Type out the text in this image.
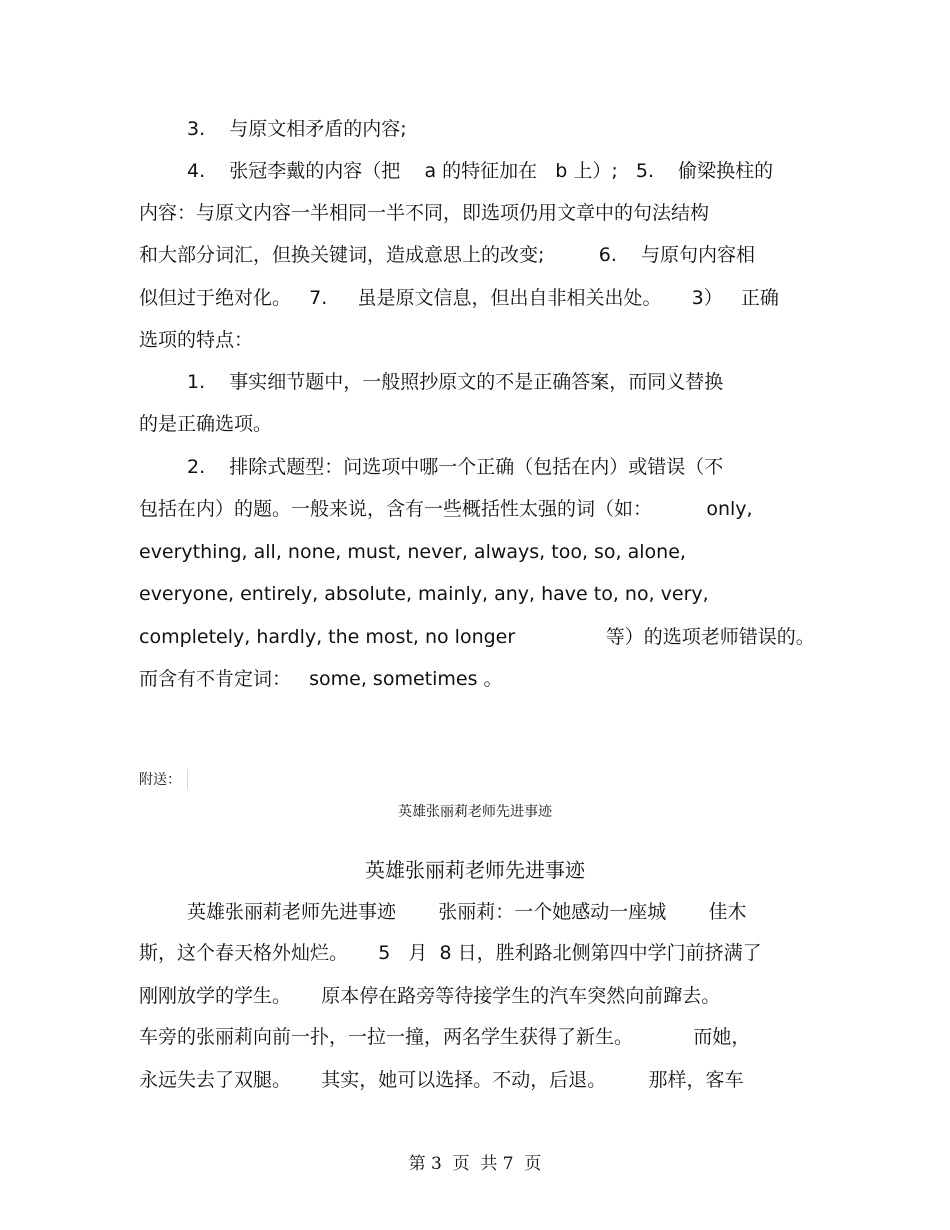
3.    与原文相矛盾的内容;
4.    张冠李戴的内容（把    a 的特征加在   b 上）;   5.    偷梁换柱的
内容：与原文内容一半相同一半不同，即选项仍用文章中的句法结构
和大部分词汇，但换关键词，造成意思上的改变;         6.    与原句内容相
似但过于绝对化。   7.     虽是原文信息，但出自非相关出处。     3）   正确
选项的特点：
1.    事实细节题中，一般照抄原文的不是正确答案，而同义替换
的是正确选项。
2.    排除式题型：问选项中哪一个正确（包括在内）或错误（不
包括在内）的题。一般来说，含有一些概括性太强的词（如：         only,
everything, all, none, must, never, always, too, so, alone,
everyone, entirely, absolute, mainly, any, have to, no, very,
completely, hardly, the most, no longer               等）的选项老师错误的。
而含有不肯定词：   some, sometimes 。
附送：
英雄张丽莉老师先进事迹
英雄张丽莉老师先进事迹
英雄张丽莉老师先进事迹       张丽莉：一个她感动一座城       佳木
斯，这个春天格外灿烂。     5   月  8 日，胜利路北侧第四中学门前挤满了
刚刚放学的学生。     原本停在路旁等待接学生的汽车突然向前蹿去。
车旁的张丽莉向前一扑，一拉一撞，两名学生获得了新生。          而她，
永远失去了双腿。     其实，她可以选择。不动，后退。       那样，客车
第 3  页  共 7  页
